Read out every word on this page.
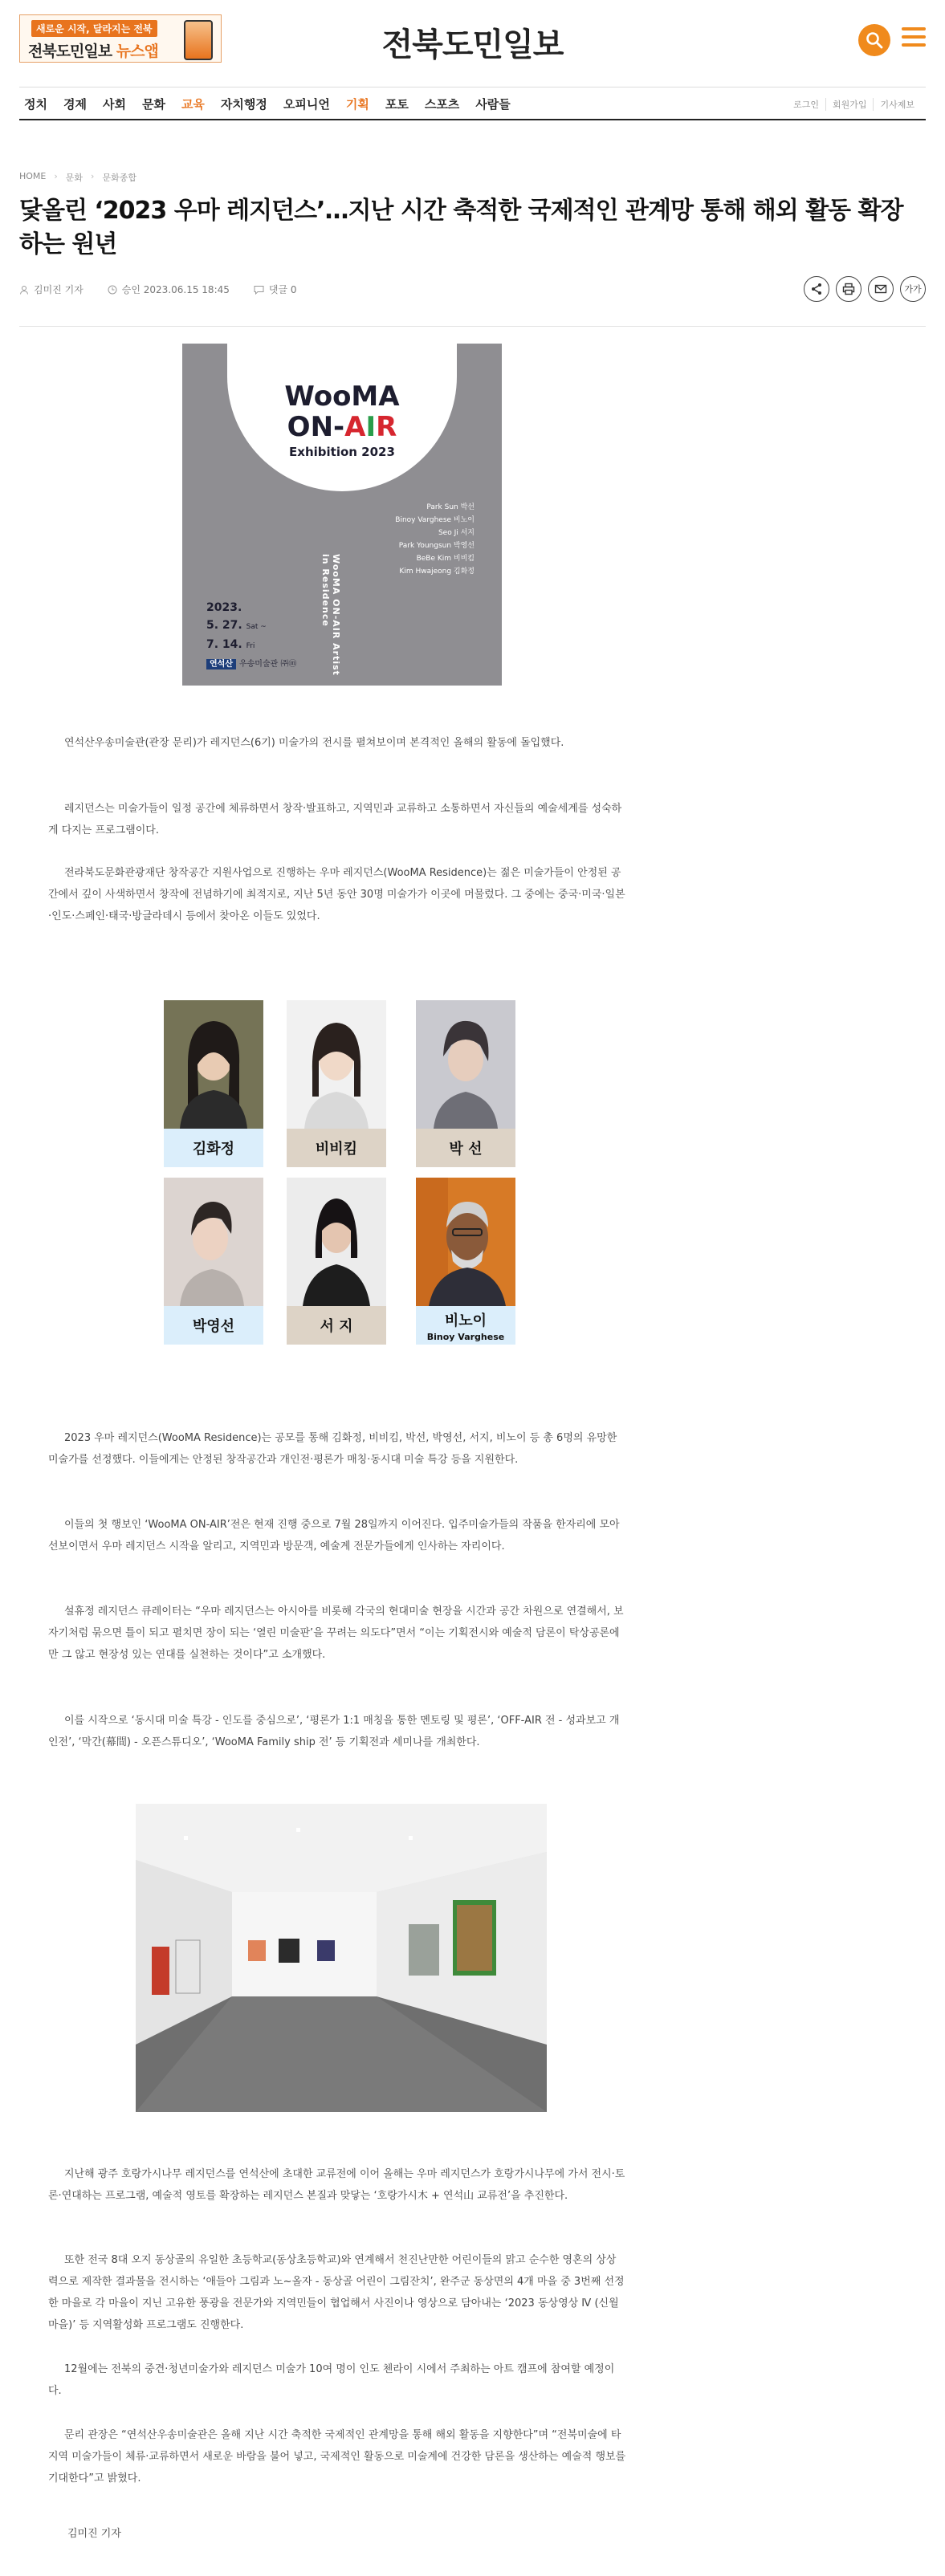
새로운 시작, 달라지는 전북
전북도민일보 뉴스앱	전북도민일보
정치 경제 사회 문화 교육 자치행정 오피니언 기획 포토 스포츠 사람들	로그인	회원가입	기사제보
HOME › 문화 › 문화종합
닻올린 ‘2023 우마 레지던스’…지난 시간 축적한 국제적인 관계망 통해 해외 활동 확장하는 원년
김미진 기자	승인 2023.06.15 18:45	댓글 0	가가
WooMA
ON-AIR
Exhibition 2023
Park Sun 박선
Binoy Varghese 비노이
Seo Ji 서지
Park Youngsun 박영선
BeBe Kim 비비킴
Kim Hwajeong 김화정
WooMA ON-AIR Artist in Residence
2023.
5. 27. Sat ~
7. 14. Fri
연석산 우송미술관 ㈜ⓜ

연석산우송미술관(관장 문리)가 레지던스(6기) 미술가의 전시를 펼쳐보이며 본격적인 올해의 활동에 돌입했다.

레지던스는 미술가들이 일정 공간에 체류하면서 창작·발표하고, 지역민과 교류하고 소통하면서 자신들의 예술세계를 성숙하게 다지는 프로그램이다.

전라북도문화관광재단 창작공간 지원사업으로 진행하는 우마 레지던스(WooMA Residence)는 젊은 미술가들이 안정된 공간에서 깊이 사색하면서 창작에 전념하기에 최적지로, 지난 5년 동안 30명 미술가가 이곳에 머물렀다. 그 중에는 중국·미국·일본·인도·스페인·태국·방글라데시 등에서 찾아온 이들도 있었다.

김화정	비비킴	박 선
박영선	서 지	비노이
Binoy Varghese

2023 우마 레지던스(WooMA Residence)는 공모를 통해 김화정, 비비킴, 박선, 박영선, 서지, 비노이 등 총 6명의 유망한 미술가를 선정했다. 이들에게는 안정된 창작공간과 개인전·평론가 매칭·동시대 미술 특강 등을 지원한다.

이들의 첫 행보인 ‘WooMA ON-AIR’전은 현재 진행 중으로 7월 28일까지 이어진다. 입주미술가들의 작품을 한자리에 모아 선보이면서 우마 레지던스 시작을 알리고, 지역민과 방문객, 예술계 전문가들에게 인사하는 자리이다.

설휴정 레지던스 큐레이터는 “우마 레지던스는 아시아를 비롯해 각국의 현대미술 현장을 시간과 공간 차원으로 연결해서, 보자기처럼 묶으면 틀이 되고 펼치면 장이 되는 ‘열린 미술판’을 꾸려는 의도다”면서 “이는 기획전시와 예술적 담론이 탁상공론에만 그 않고 현장성 있는 연대를 실천하는 것이다”고 소개했다.

이를 시작으로 ‘동시대 미술 특강 - 인도를 중심으로’, ‘평론가 1:1 매칭을 통한 멘토링 및 평론’, ‘OFF-AIR 전 - 성과보고 개인전’, ‘막간(幕間) - 오픈스튜디오’, ‘WooMA Family ship 전’ 등 기획전과 세미나를 개최한다.

지난해 광주 호랑가시나무 레지던스를 연석산에 초대한 교류전에 이어 올해는 우마 레지던스가 호랑가시나무에 가서 전시·토론·연대하는 프로그램, 예술적 영토를 확장하는 레지던스 본질과 맞닿는 ‘호랑가시木 + 연석山 교류전’을 추진한다.

또한 전국 8대 오지 동상골의 유일한 초등학교(동상초등학교)와 연계해서 천진난만한 어린이들의 맑고 순수한 영혼의 상상력으로 제작한 결과물을 전시하는 ‘애들아 그림과 노~올자 - 동상골 어린이 그림잔치’, 완주군 동상면의 4개 마을 중 3번째 선정한 마을로 각 마을이 지닌 고유한 풍광을 전문가와 지역민들이 협업해서 사진이나 영상으로 담아내는 ‘2023 동상영상 Ⅳ (신월마을)’ 등 지역활성화 프로그램도 진행한다.

12월에는 전북의 중견·청년미술가와 레지던스 미술가 10여 명이 인도 첸라이 시에서 주최하는 아트 캠프에 참여할 예정이다.

문리 관장은 “연석산우송미술관은 올해 지난 시간 축적한 국제적인 관계망을 통해 해외 활동을 지향한다”며 “전북미술에 타지역 미술가들이 체류·교류하면서 새로운 바람을 불어 넣고, 국제적인 활동으로 미술계에 건강한 담론을 생산하는 예술적 행보를 기대한다”고 밝혔다.

김미진 기자
